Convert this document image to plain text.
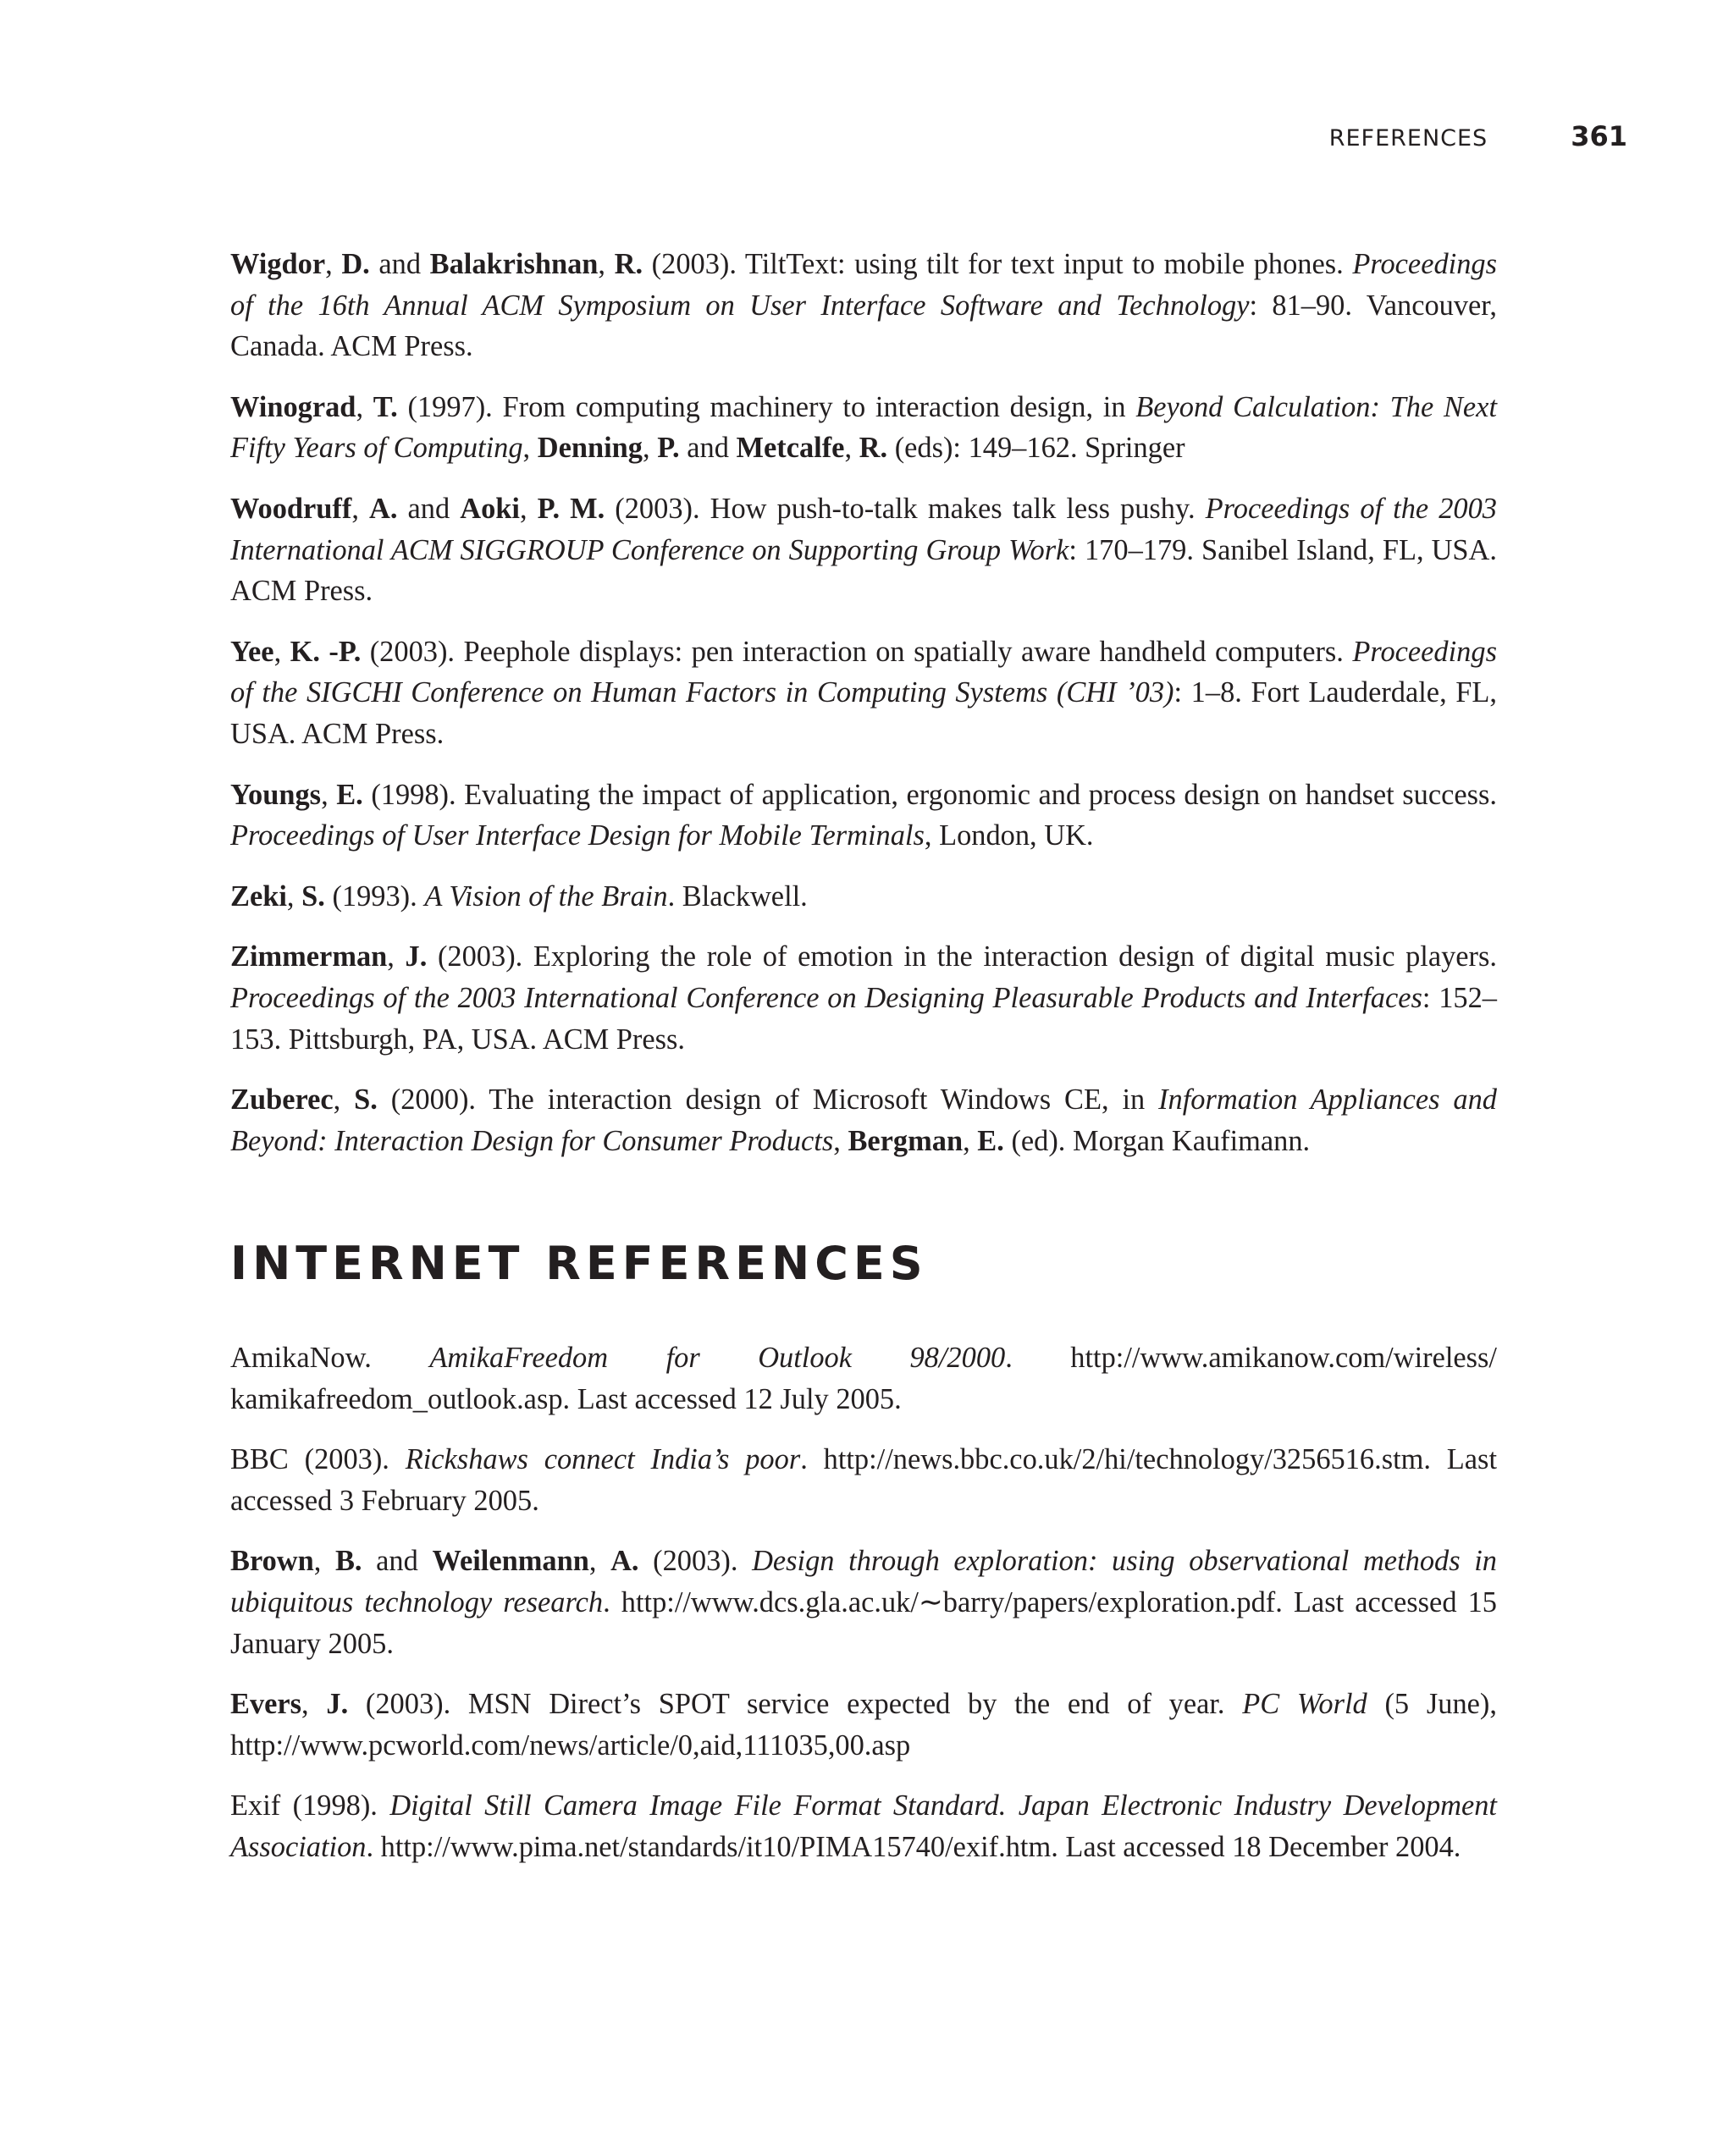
REFERENCES	361

Wigdor, D. and Balakrishnan, R. (2003). TiltText: using tilt for text input to mobile phones. Proceedings of the 16th Annual ACM Symposium on User Interface Software and Technology: 81–90. Vancouver, Canada. ACM Press.

Winograd, T. (1997). From computing machinery to interaction design, in Beyond Calculation: The Next Fifty Years of Computing, Denning, P. and Metcalfe, R. (eds): 149–162. Springer

Woodruff, A. and Aoki, P. M. (2003). How push-to-talk makes talk less pushy. Proceedings of the 2003 International ACM SIGGROUP Conference on Supporting Group Work: 170–179. Sanibel Island, FL, USA. ACM Press.

Yee, K. -P. (2003). Peephole displays: pen interaction on spatially aware handheld computers. Proceedings of the SIGCHI Conference on Human Factors in Computing Systems (CHI ’03): 1–8. Fort Lauderdale, FL, USA. ACM Press.

Youngs, E. (1998). Evaluating the impact of application, ergonomic and process design on handset success. Proceedings of User Interface Design for Mobile Terminals, London, UK.

Zeki, S. (1993). A Vision of the Brain. Blackwell.

Zimmerman, J. (2003). Exploring the role of emotion in the interaction design of digital music players. Proceedings of the 2003 International Conference on Designing Pleasurable Products and Interfaces: 152–153. Pittsburgh, PA, USA. ACM Press.

Zuberec, S. (2000). The interaction design of Microsoft Windows CE, in Information Appliances and Beyond: Interaction Design for Consumer Products, Bergman, E. (ed). Morgan Kaufimann.

INTERNET REFERENCES

AmikaNow. AmikaFreedom for Outlook 98/2000. http://www.amikanow.com/wireless/ kamikafreedom_outlook.asp. Last accessed 12 July 2005.

BBC (2003). Rickshaws connect India’s poor. http://news.bbc.co.uk/2/hi/technology/3256516.stm. Last accessed 3 February 2005.

Brown, B. and Weilenmann, A. (2003). Design through exploration: using observational methods in ubiquitous technology research. http://www.dcs.gla.ac.uk/∼barry/papers/exploration.pdf. Last accessed 15 January 2005.

Evers, J. (2003). MSN Direct’s SPOT service expected by the end of year. PC World (5 June), http://www.pcworld.com/news/article/0,aid,111035,00.asp

Exif (1998). Digital Still Camera Image File Format Standard. Japan Electronic Industry Development Association. http://www.pima.net/standards/it10/PIMA15740/exif.htm. Last accessed 18 December 2004.
